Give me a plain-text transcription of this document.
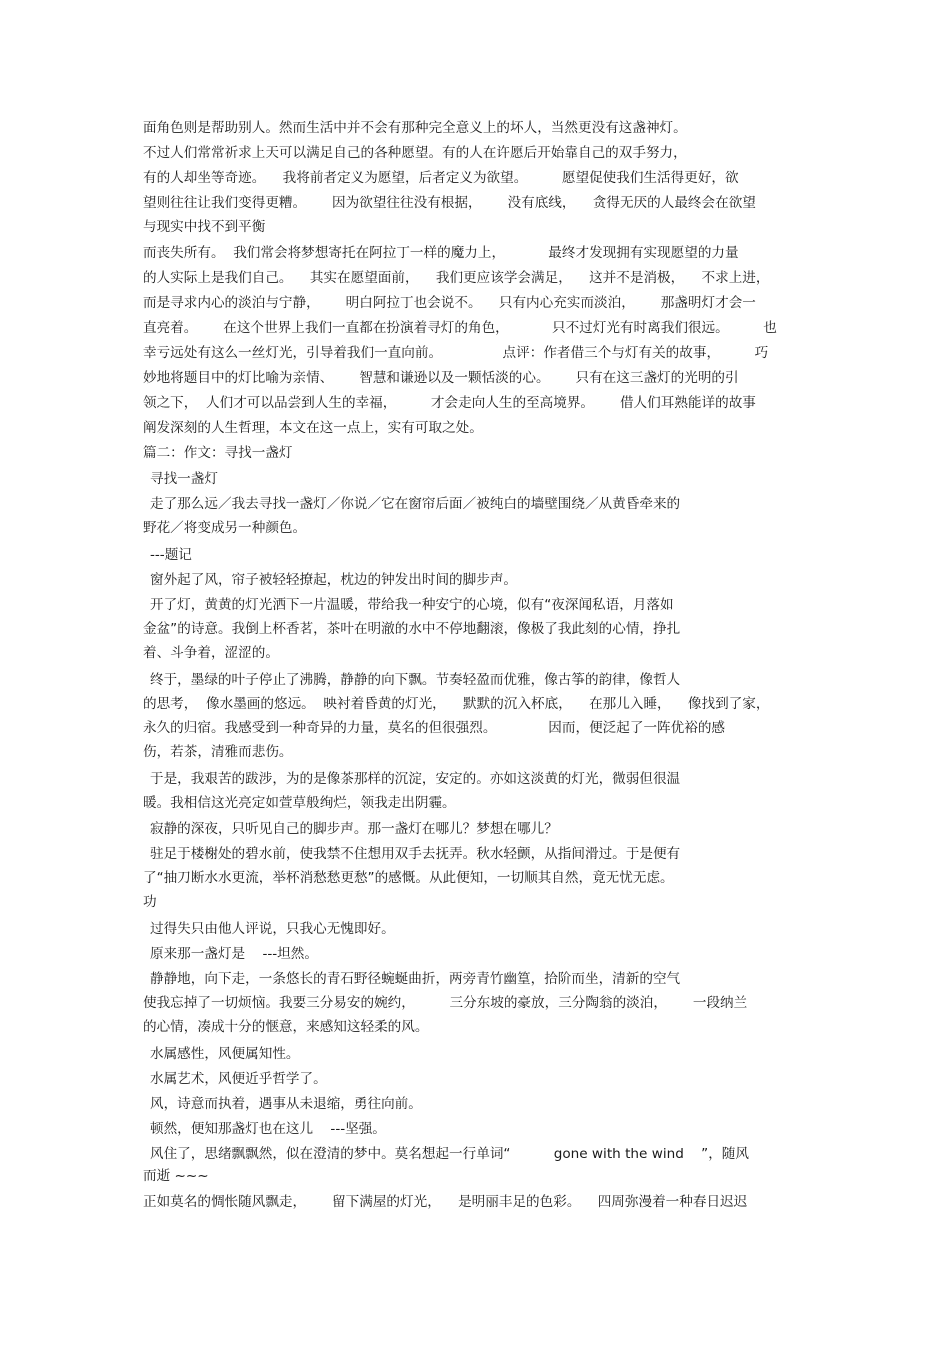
面角色则是帮助别人。然而生活中并不会有那种完全意义上的坏人，当然更没有这盏神灯。
不过人们常常祈求上天可以满足自己的各种愿望。有的人在许愿后开始靠自己的双手努力，
有的人却坐等奇迹。    我将前者定义为愿望，后者定义为欲望。        愿望促使我们生活得更好，欲
望则往往让我们变得更糟。      因为欲望往往没有根据，      没有底线，    贪得无厌的人最终会在欲望
与现实中找不到平衡
而丧失所有。  我们常会将梦想寄托在阿拉丁一样的魔力上，          最终才发现拥有实现愿望的力量
的人实际上是我们自己。    其实在愿望面前，    我们更应该学会满足，    这并不是消极，    不求上进，
而是寻求内心的淡泊与宁静，      明白阿拉丁也会说不。    只有内心充实而淡泊，      那盏明灯才会一
直亮着。      在这个世界上我们一直都在扮演着寻灯的角色，          只不过灯光有时离我们很远。        也
幸亏远处有这么一丝灯光，引导着我们一直向前。              点评：作者借三个与灯有关的故事，        巧
妙地将题目中的灯比喻为亲情、      智慧和谦逊以及一颗恬淡的心。      只有在这三盏灯的光明的引
领之下，  人们才可以品尝到人生的幸福，        才会走向人生的至高境界。      借人们耳熟能详的故事
阐发深刻的人生哲理，本文在这一点上，实有可取之处。
篇二：作文：寻找一盏灯
寻找一盏灯
走了那么远／我去寻找一盏灯／你说／它在窗帘后面／被纯白的墙壁围绕／从黄昏牵来的
野花／将变成另一种颜色。
---题记
窗外起了风，帘子被轻轻撩起，枕边的钟发出时间的脚步声。
开了灯，黄黄的灯光洒下一片温暖，带给我一种安宁的心境，似有“夜深闻私语，月落如
金盆”的诗意。我倒上杯香茗，茶叶在明澈的水中不停地翻滚，像极了我此刻的心情，挣扎
着、斗争着，涩涩的。
终于，墨绿的叶子停止了沸腾，静静的向下飘。节奏轻盈而优雅，像古筝的韵律，像哲人
的思考，  像水墨画的悠远。  映衬着昏黄的灯光，    默默的沉入杯底，    在那儿入睡，    像找到了家，
永久的归宿。我感受到一种奇异的力量，莫名的但很强烈。            因而，便泛起了一阵优裕的感
伤，若茶，清雅而悲伤。
于是，我艰苦的跋涉，为的是像茶那样的沉淀，安定的。亦如这淡黄的灯光，微弱但很温
暖。我相信这光亮定如萱草般绚烂，领我走出阴霾。
寂静的深夜，只听见自己的脚步声。那一盏灯在哪儿？梦想在哪儿？
驻足于楼榭处的碧水前，使我禁不住想用双手去抚弄。秋水轻颤，从指间滑过。于是便有
了“抽刀断水水更流，举杯消愁愁更愁”的感慨。从此便知，一切顺其自然，竟无忧无虑。
功
过得失只由他人评说，只我心无愧即好。
原来那一盏灯是    ---坦然。
静静地，向下走，一条悠长的青石野径蜿蜒曲折，两旁青竹幽篁，拾阶而坐，清新的空气
使我忘掉了一切烦恼。我要三分易安的婉约，        三分东坡的豪放，三分陶翁的淡泊，      一段纳兰
的心情，凑成十分的惬意，来感知这轻柔的风。
水属感性，风便属知性。
水属艺术，风便近乎哲学了。
风，诗意而执着，遇事从未退缩，勇往向前。
顿然，便知那盏灯也在这儿    ---坚强。
风住了，思绪飘飘然，似在澄清的梦中。莫名想起一行单词“          gone with the wind    ”，随风
而逝 ~~~
正如莫名的惆怅随风飘走，      留下满屋的灯光，    是明丽丰足的色彩。    四周弥漫着一种春日迟迟
